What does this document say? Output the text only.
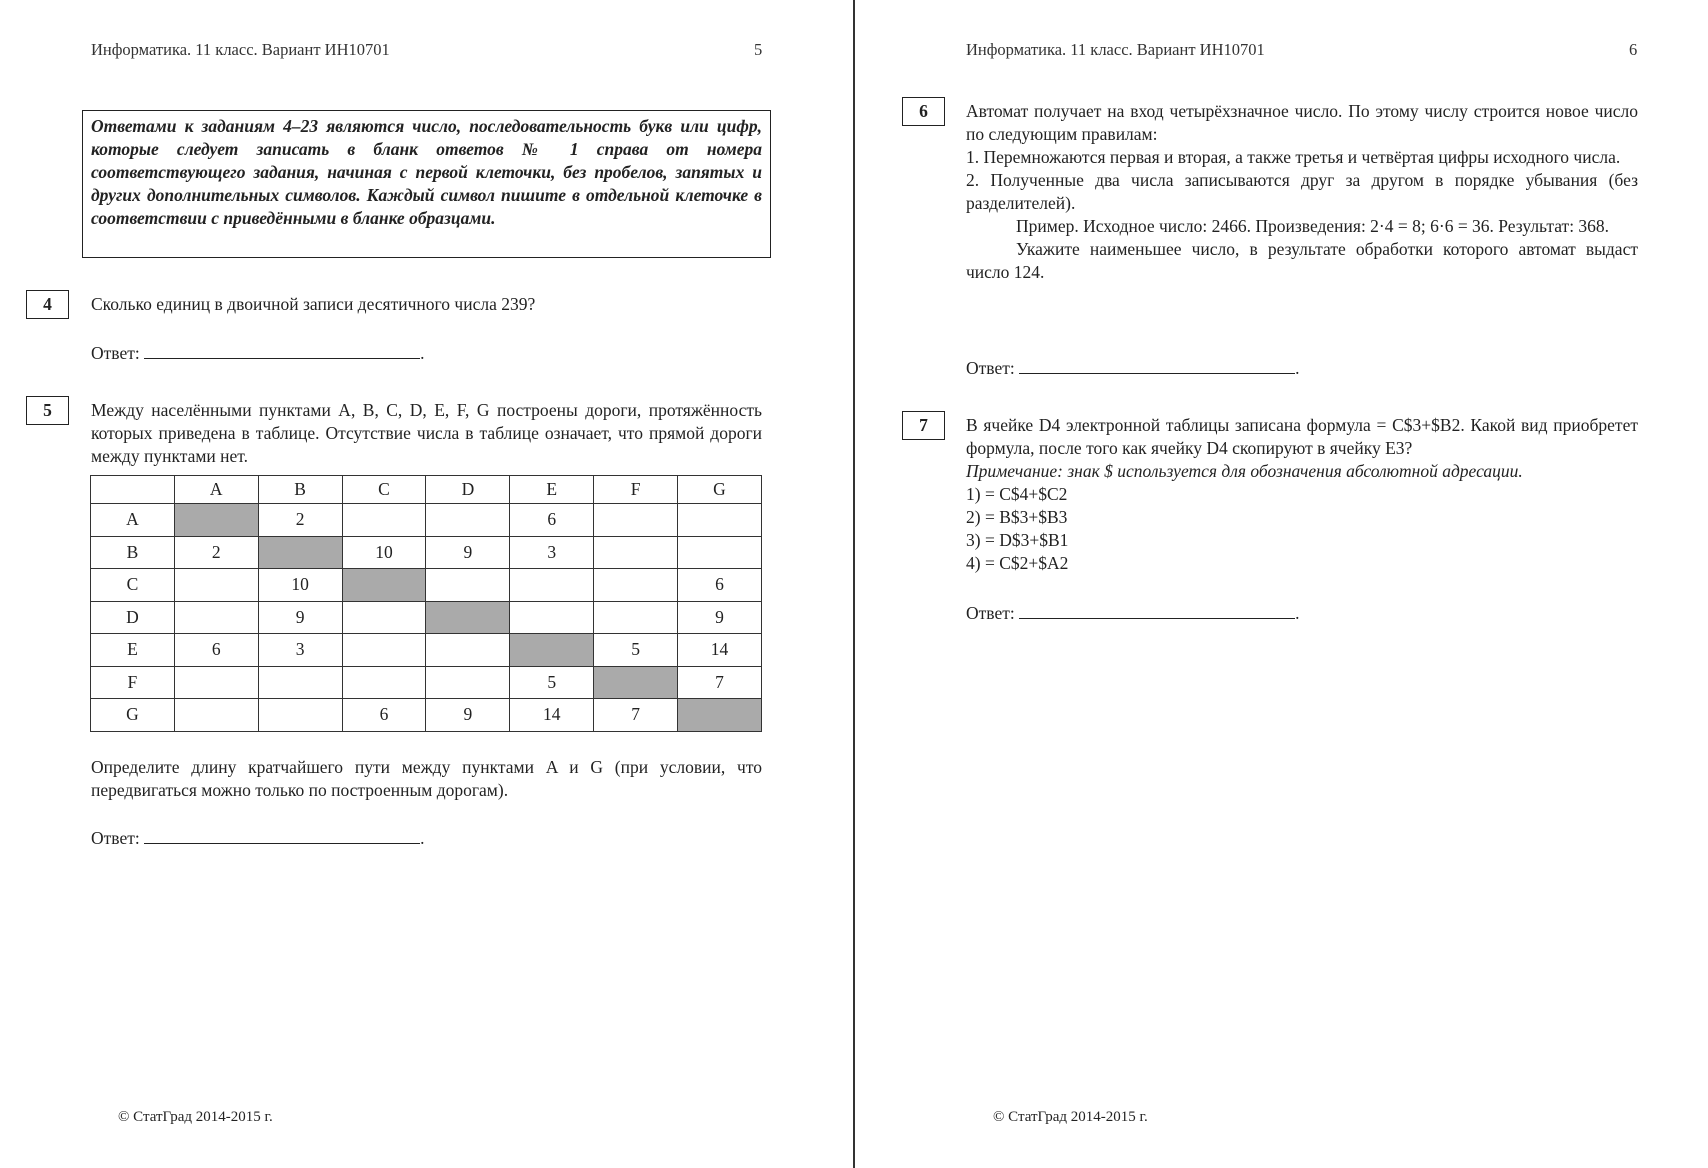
Информатика. 11 класс. Вариант ИН10701	5
Ответами к заданиям 4–23 являются число, последовательность букв или цифр, которые следует записать в бланк ответов № 1 справа от номера соответствующего задания, начиная с первой клеточки, без пробелов, запятых и других дополнительных символов. Каждый символ пишите в отдельной клеточке в соответствии с приведёнными в бланке образцами.
4	Сколько единиц в двоичной записи десятичного числа 239?
Ответ:	.
5	Между населёнными пунктами A, B, C, D, E, F, G построены дороги, протяжённость которых приведена в таблице. Отсутствие числа в таблице означает, что прямой дороги между пунктами нет.
	A	B	C	D	E	F	G
A		2			6		
B	2		10	9	3		
C		10					6
D		9					9
E	6	3				5	14
F					5		7
G			6	9	14	7	
Определите длину кратчайшего пути между пунктами A и G (при условии, что передвигаться можно только по построенным дорогам).
Ответ:	.
© СтатГрад 2014-2015 г.
Информатика. 11 класс. Вариант ИН10701	6
6	Автомат получает на вход четырёхзначное число. По этому числу строится новое число по следующим правилам:
1. Перемножаются первая и вторая, а также третья и четвёртая цифры исходного числа.
2. Полученные два числа записываются друг за другом в порядке убывания (без разделителей).
Пример. Исходное число: 2466. Произведения: 2·4 = 8; 6·6 = 36. Результат: 368.
Укажите наименьшее число, в результате обработки которого автомат выдаст число 124.
Ответ:	.
7	В ячейке D4 электронной таблицы записана формула = C$3+$B2. Какой вид приобретет формула, после того как ячейку D4 скопируют в ячейку E3?
Примечание: знак $ используется для обозначения абсолютной адресации.
1) = C$4+$C2
2) = B$3+$B3
3) = D$3+$B1
4) = C$2+$A2
Ответ:	.
© СтатГрад 2014-2015 г.
